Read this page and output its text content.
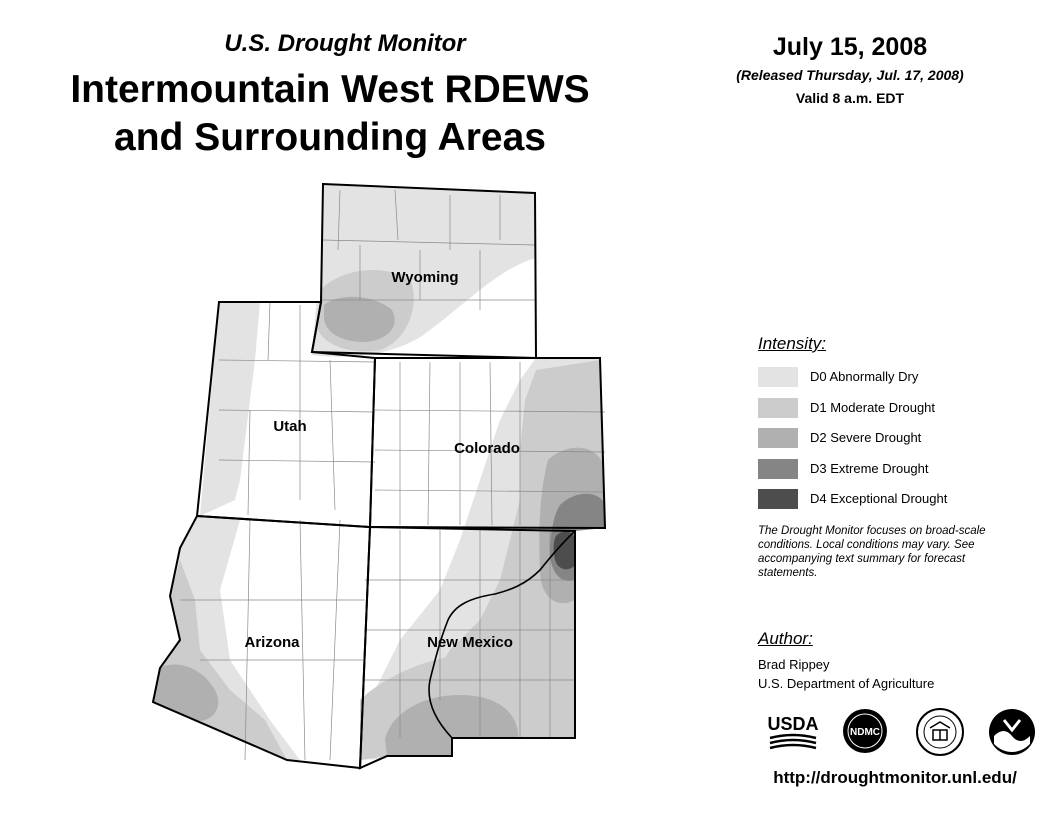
U.S. Drought Monitor
Intermountain West RDEWS
and Surrounding Areas
July 15, 2008
(Released Thursday, Jul. 17, 2008)
Valid 8 a.m. EDT
Wyoming
Utah
Colorado
Arizona	New Mexico
Intensity:
D0 Abnormally Dry
D1 Moderate Drought
D2 Severe Drought
D3 Extreme Drought
D4 Exceptional Drought
The Drought Monitor focuses on broad-scale conditions. Local conditions may vary. See accompanying text summary for forecast statements.
Author:
Brad Rippey
U.S. Department of Agriculture
USDA	NDMC
http://droughtmonitor.unl.edu/
